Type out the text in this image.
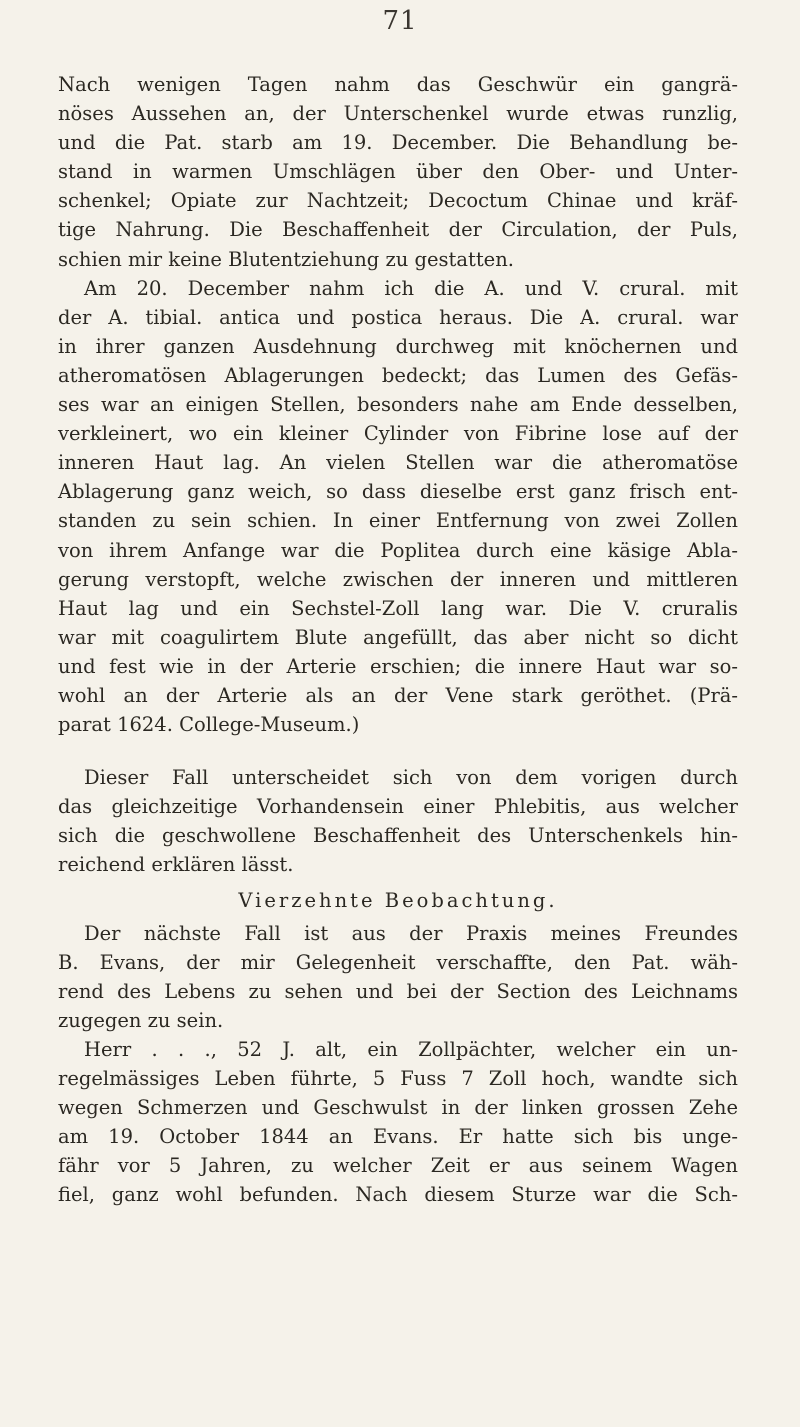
71
Nach wenigen Tagen nahm das Geschwür ein gangrä-
nöses Aussehen an, der Unterschenkel wurde etwas runzlig,
und die Pat. starb am 19. December. Die Behandlung be-
stand in warmen Umschlägen über den Ober- und Unter-
schenkel; Opiate zur Nachtzeit; Decoctum Chinae und kräf-
tige Nahrung. Die Beschaffenheit der Circulation, der Puls,
schien mir keine Blutentziehung zu gestatten.
Am 20. December nahm ich die A. und V. crural. mit
der A. tibial. antica und postica heraus. Die A. crural. war
in ihrer ganzen Ausdehnung durchweg mit knöchernen und
atheromatösen Ablagerungen bedeckt; das Lumen des Gefäs-
ses war an einigen Stellen, besonders nahe am Ende desselben,
verkleinert, wo ein kleiner Cylinder von Fibrine lose auf der
inneren Haut lag. An vielen Stellen war die atheromatöse
Ablagerung ganz weich, so dass dieselbe erst ganz frisch ent-
standen zu sein schien. In einer Entfernung von zwei Zollen
von ihrem Anfange war die Poplitea durch eine käsige Abla-
gerung verstopft, welche zwischen der inneren und mittleren
Haut lag und ein Sechstel-Zoll lang war. Die V. cruralis
war mit coagulirtem Blute angefüllt, das aber nicht so dicht
und fest wie in der Arterie erschien; die innere Haut war so-
wohl an der Arterie als an der Vene stark geröthet. (Prä-
parat 1624. College-Museum.)
Dieser Fall unterscheidet sich von dem vorigen durch
das gleichzeitige Vorhandensein einer Phlebitis, aus welcher
sich die geschwollene Beschaffenheit des Unterschenkels hin-
reichend erklären lässt.
Vierzehnte Beobachtung.
Der nächste Fall ist aus der Praxis meines Freundes
B. Evans, der mir Gelegenheit verschaffte, den Pat. wäh-
rend des Lebens zu sehen und bei der Section des Leichnams
zugegen zu sein.
Herr . . ., 52 J. alt, ein Zollpächter, welcher ein un-
regelmässiges Leben führte, 5 Fuss 7 Zoll hoch, wandte sich
wegen Schmerzen und Geschwulst in der linken grossen Zehe
am 19. October 1844 an Evans. Er hatte sich bis unge-
fähr vor 5 Jahren, zu welcher Zeit er aus seinem Wagen
fiel, ganz wohl befunden. Nach diesem Sturze war die Sch-
